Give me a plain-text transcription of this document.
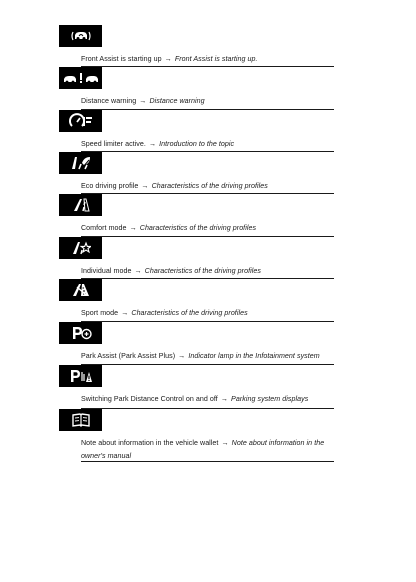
Front Assist is starting up → Front Assist is starting up.
Distance warning → Distance warning
Speed limiter active. → Introduction to the topic
Eco driving profile → Characteristics of the driving profiles
Comfort mode → Characteristics of the driving profiles
Individual mode → Characteristics of the driving profiles
Sport mode → Characteristics of the driving profiles
Park Assist (Park Assist Plus) → Indicator lamp in the Infotainment system
Switching Park Distance Control on and off → Parking system displays
Note about information in the vehicle wallet → Note about information in the owner's manual
